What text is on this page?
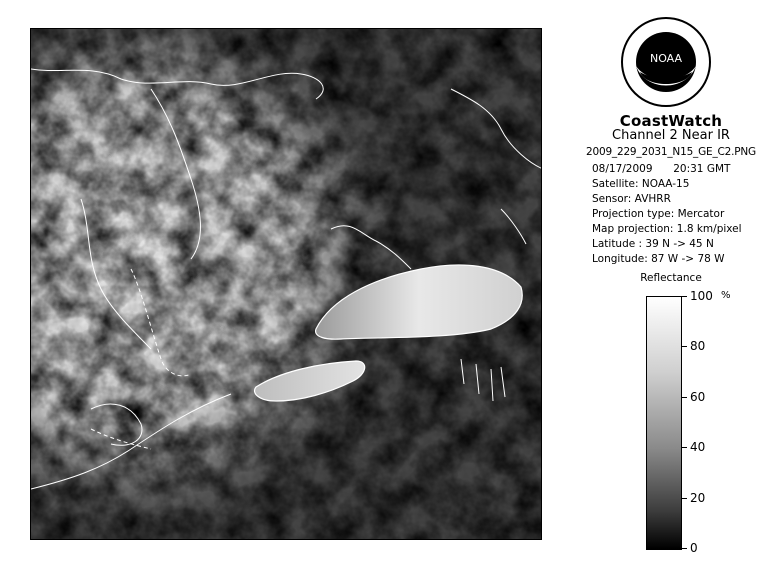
NOAA
CoastWatch
Channel 2 Near IR
2009_229_2031_N15_GE_C2.PNG
08/17/2009 20:31 GMT
Satellite: NOAA-15
Sensor: AVHRR
Projection type: Mercator
Map projection: 1.8 km/pixel
Latitude : 39 N -> 45 N
Longitude: 87 W -> 78 W
Reflectance
%
100
80
60
40
20
0
